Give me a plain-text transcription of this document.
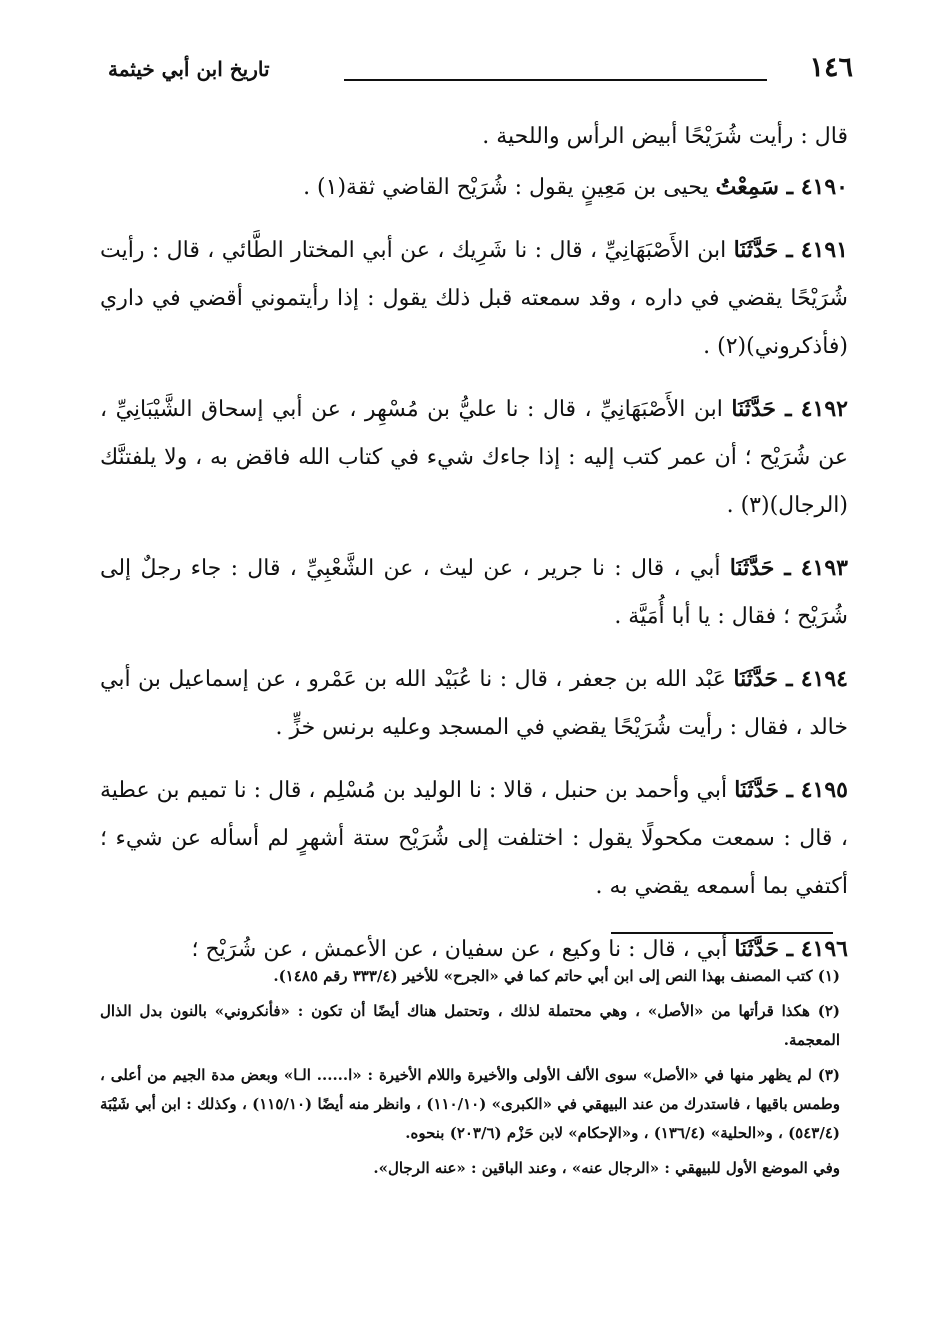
١٤٦
تاريخ ابن أبي خيثمة

قال : رأيت شُرَيْحًا أبيض الرأس واللحية .

٤١٩٠ ـ سَمِعْتُ يحيى بن مَعِينٍ يقول : شُرَيْح القاضي ثقة(١) .

٤١٩١ ـ حَدَّثَنَا ابن الأَصْبَهَانِيِّ ، قال : نا شَرِيك ، عن أبي المختار الطَّائي ، قال : رأيت شُرَيْحًا يقضي في داره ، وقد سمعته قبل ذلك يقول : إذا رأيتموني أقضي في داري (فأذكروني)(٢) .

٤١٩٢ ـ حَدَّثَنَا ابن الأَصْبَهَانِيِّ ، قال : نا عليُّ بن مُسْهِر ، عن أبي إسحاق الشَّيْبَانِيِّ ، عن شُرَيْح ؛ أن عمر كتب إليه : إذا جاءك شيء في كتاب الله فاقض به ، ولا يلفتنَّك (الرجال)(٣) .

٤١٩٣ ـ حَدَّثَنَا أبي ، قال : نا جرير ، عن ليث ، عن الشَّعْبِيِّ ، قال : جاء رجلٌ إلى شُرَيْح ؛ فقال : يا أبا أُمَيَّة .

٤١٩٤ ـ حَدَّثَنَا عَبْد الله بن جعفر ، قال : نا عُبَيْد الله بن عَمْرو ، عن إسماعيل بن أبي خالد ، فقال : رأيت شُرَيْحًا يقضي في المسجد وعليه برنس خزٍّ .

٤١٩٥ ـ حَدَّثَنَا أبي وأحمد بن حنبل ، قالا : نا الوليد بن مُسْلِم ، قال : نا تميم بن عطية ، قال : سمعت مكحولًا يقول : اختلفت إلى شُرَيْح ستة أشهرٍ لم أسأله عن شيء ؛ أكتفي بما أسمعه يقضي به .

٤١٩٦ ـ حَدَّثَنَا أبي ، قال : نا وكيع ، عن سفيان ، عن الأعمش ، عن شُرَيْح ؛

(١) كتب المصنف بهذا النص إلى ابن أبي حاتم كما في «الجرح» للأخير (٣٣٣/٤ رقم ١٤٨٥).

(٢) هكذا قرأتها من «الأصل» ، وهي محتملة لذلك ، وتحتمل هناك أيضًا أن تكون : «فأنكروني» بالنون بدل الذال المعجمة.

(٣) لم يظهر منها في «الأصل» سوى الألف الأولى والأخيرة واللام الأخيرة : «ا...... الـا» وبعض مدة الجيم من أعلى ، وطمس باقيها ، فاستدرك من عند البيهقي في «الكبرى» (١١٠/١٠) ، وانظر منه أيضًا (١١٥/١٠) ، وكذلك : ابن أبي شَيْبَة (٥٤٣/٤) ، و«الحلية» (١٣٦/٤) ، و«الإحكام» لابن حَزْم (٢٠٣/٦) بنحوه.

وفي الموضع الأول للبيهقي : «الرجال عنه» ، وعند الباقين : «عنه الرجال».
